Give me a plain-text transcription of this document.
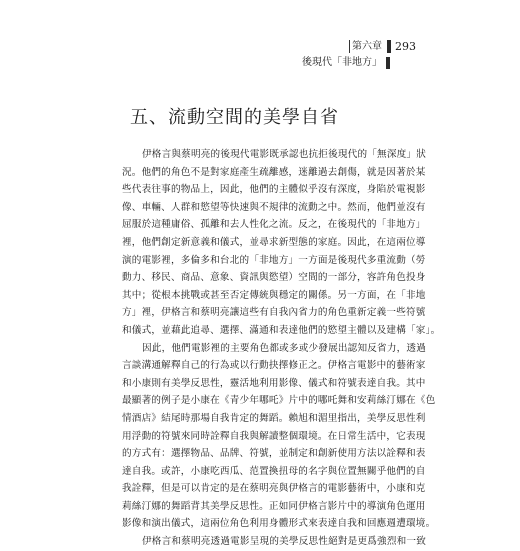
第六章 293
後現代「非地方」
五、流動空間的美學自省

伊格言與蔡明亮的後現代電影既承認也抗拒後現代的「無深度」狀
況。他們的角色不是對家庭產生疏離感，迷離過去創傷，就是因著於某
些代表往事的物品上，因此，他們的主體似乎沒有深度，身陷於電視影
像、車輛、人群和慾望等快速與不規律的流動之中。然而，他們並沒有
屈服於這種庸俗、孤離和去人性化之流。反之，在後現代的「非地方」
裡，他們創定新意義和儀式，並尋求新型態的家庭。因此，在這兩位導
演的電影裡，多倫多和台北的「非地方」一方面是後現代多重流動（勞
動力、移民、商品、意象、資訊與慾望）空間的一部分，容許角色投身
其中；從根本挑戰或甚至否定傳統與穩定的關係。另一方面，在「非地
方」裡，伊格言和蔡明亮讓這些有自我內省力的角色重新定義一些符號
和儀式，並藉此追尋、選擇、滿通和表達他們的慾望主體以及建構「家」。

因此，他們電影裡的主要角色都或多或少發展出認知反省力，透過
言談溝通解釋自己的行為或以行動抉擇修正之。伊格言電影中的藝術家
和小康則有美學反思性，靈活地利用影像、儀式和符號表達自我。其中
最顯著的例子是小康在《青少年哪吒》片中的哪吒舞和安莉絲汀娜在《色
情酒店》結尾時那場自我肯定的舞蹈。賴旭和湄里指出，美學反思性利
用浮動的符號來同時詮釋自我與解讀整個環境。在日常生活中，它表現
的方式有：選擇物品、品牌、符號，並制定和創新使用方法以詮釋和表
達自我。或許，小康吃西瓜、范置換扭母的名字與位置無關乎他們的自
我詮釋，但是可以肯定的是在蔡明亮與伊格言的電影藝術中，小康和克
莉絲汀娜的舞蹈背其美學反思性。正如同伊格言影片中的導演角色運用
影像和演出儀式，這兩位角色利用身體形式來表達自我和回應週遭環境。

伊格言和蔡明亮透過電影呈現的美學反思性絕對是更爲強烈和一致
